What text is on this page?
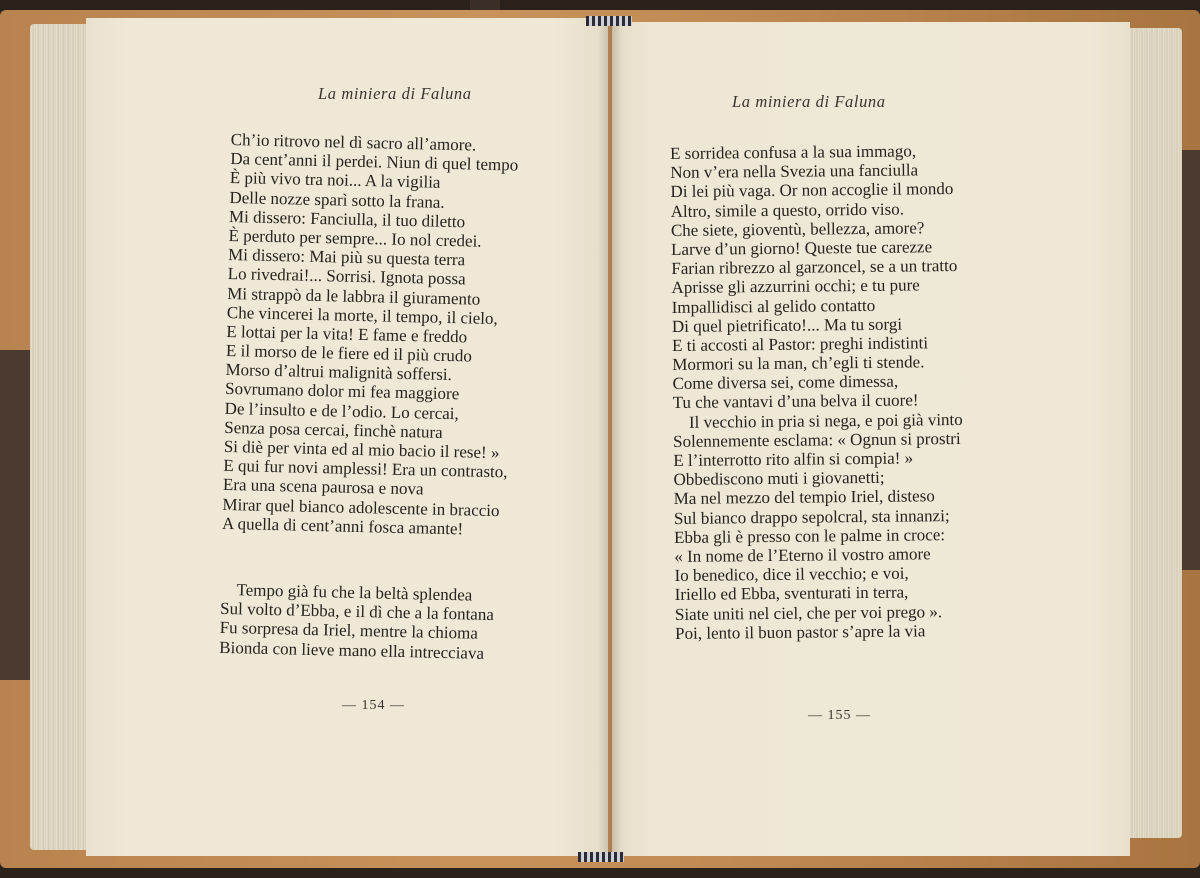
La miniera di Faluna
Ch’io ritrovo nel dì sacro all’amore.
Da cent’anni il perdei. Niun di quel tempo
È più vivo tra noi... A la vigilia
Delle nozze sparì sotto la frana.
Mi dissero: Fanciulla, il tuo diletto
È perduto per sempre... Io nol credei.
Mi dissero: Mai più su questa terra
Lo rivedrai!... Sorrisi. Ignota possa
Mi strappò da le labbra il giuramento
Che vincerei la morte, il tempo, il cielo,
E lottai per la vita! E fame e freddo
E il morso de le fiere ed il più crudo
Morso d’altrui malignità soffersi.
Sovrumano dolor mi fea maggiore
De l’insulto e de l’odio. Lo cercai,
Senza posa cercai, finchè natura
Si diè per vinta ed al mio bacio il rese! »
E qui fur novi amplessi! Era un contrasto,
Era una scena paurosa e nova
Mirar quel bianco adolescente in braccio
A quella di cent’anni fosca amante!
Tempo già fu che la beltà splendea
Sul volto d’Ebba, e il dì che a la fontana
Fu sorpresa da Iriel, mentre la chioma
Bionda con lieve mano ella intrecciava
— 154 —
La miniera di Faluna
E sorridea confusa a la sua immago,
Non v’era nella Svezia una fanciulla
Di lei più vaga. Or non accoglie il mondo
Altro, simile a questo, orrido viso.
Che siete, gioventù, bellezza, amore?
Larve d’un giorno! Queste tue carezze
Farian ribrezzo al garzoncel, se a un tratto
Aprisse gli azzurrini occhi; e tu pure
Impallidisci al gelido contatto
Di quel pietrificato!... Ma tu sorgi
E ti accosti al Pastor: preghi indistinti
Mormori su la man, ch’egli ti stende.
Come diversa sei, come dimessa,
Tu che vantavi d’una belva il cuore!
Il vecchio in pria si nega, e poi già vinto
Solennemente esclama: « Ognun si prostri
E l’interrotto rito alfin si compia! »
Obbediscono muti i giovanetti;
Ma nel mezzo del tempio Iriel, disteso
Sul bianco drappo sepolcral, sta innanzi;
Ebba gli è presso con le palme in croce:
« In nome de l’Eterno il vostro amore
Io benedico, dice il vecchio; e voi,
Iriello ed Ebba, sventurati in terra,
Siate uniti nel ciel, che per voi prego ».
Poi, lento il buon pastor s’apre la via
— 155 —
